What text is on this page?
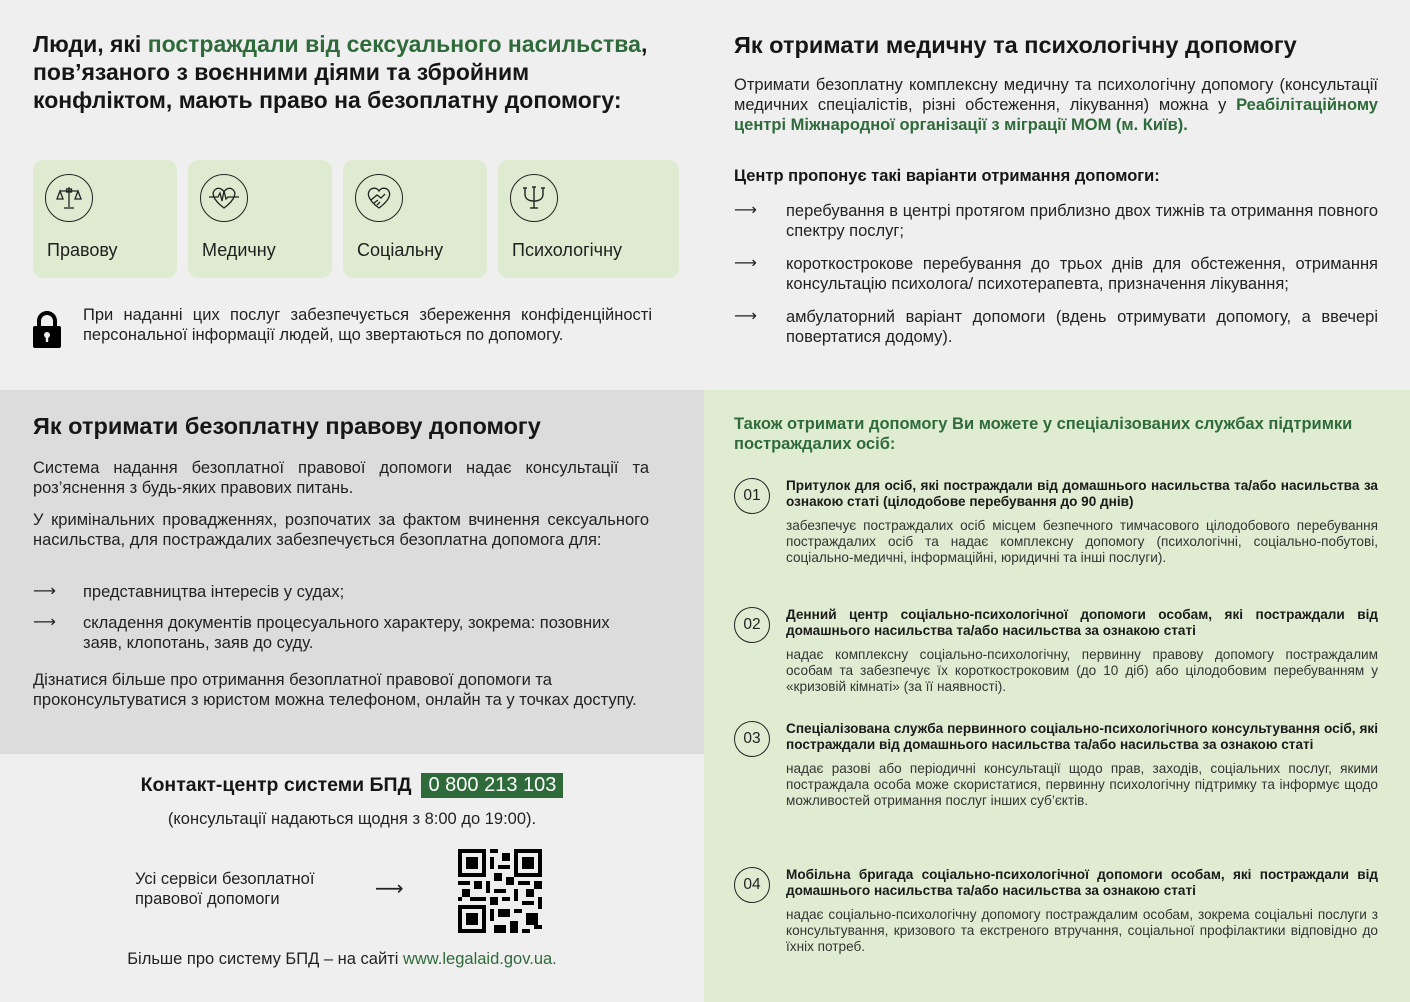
Люди, які постраждали від сексуального насильства, пов’язаного з воєнними діями та збройним конфліктом, мають право на безоплатну допомогу:
Правову	Медичну	Соціальну	Психологічну
При наданні цих послуг забезпечується збереження конфіденційності персональної інформації людей, що звертаються по допомогу.
Як отримати медичну та психологічну допомогу
Отримати безоплатну комплексну медичну та психологічну допомогу (консультації медичних спеціалістів, різні обстеження, лікування) можна у Реабілітаційному центрі Міжнародної організації з міграції МОМ (м. Київ).
Центр пропонує такі варіанти отримання допомоги:
⟶ перебування в центрі протягом приблизно двох тижнів та отримання повного спектру послуг;
⟶ короткострокове перебування до трьох днів для обстеження, отримання консультацію психолога/ психотерапевта, призначення лікування;
⟶ амбулаторний варіант допомоги (вдень отримувати допомогу, а ввечері повертатися додому).
Як отримати безоплатну правову допомогу
Система надання безоплатної правової допомоги надає консультації та роз’яснення з будь-яких правових питань.
У кримінальних провадженнях, розпочатих за фактом вчинення сексуального насильства, для постраждалих забезпечується безоплатна допомога для:
⟶ представництва інтересів у судах;
⟶ складення документів процесуального характеру, зокрема: позовних заяв, клопотань, заяв до суду.
Дізнатися більше про отримання безоплатної правової допомоги та проконсультуватися з юристом можна телефоном, онлайн та у точках доступу.
Контакт-центр системи БПД 0 800 213 103
(консультації надаються щодня з 8:00 до 19:00).
Усі сервіси безоплатної
правової допомоги	⟶
Більше про систему БПД – на сайті www.legalaid.gov.ua.
Також отримати допомогу Ви можете у спеціалізованих службах підтримки постраждалих осіб:
01
Притулок для осіб, які постраждали від домашнього насильства та/або насильства за ознакою статі (цілодобове перебування до 90 днів)
забезпечує постраждалих осіб місцем безпечного тимчасового цілодобового перебування постраждалих осіб та надає комплексну допомогу (психологічні, соціально-побутові, соціально-медичні, інформаційні, юридичні та інші послуги).
02
Денний центр соціально-психологічної допомоги особам, які постраждали від домашнього насильства та/або насильства за ознакою статі
надає комплексну соціально-психологічну, первинну правову допомогу постраждалим особам та забезпечує їх короткостроковим (до 10 діб) або цілодобовим перебуванням у «кризовій кімнаті» (за її наявності).
03
Спеціалізована служба первинного соціально-психологічного консультування осіб, які постраждали від домашнього насильства та/або насильства за ознакою статі
надає разові або періодичні консультації щодо прав, заходів, соціальних послуг, якими постраждала особа може скористатися, первинну психологічну підтримку та інформує щодо можливостей отримання послуг інших суб’єктів.
04
Мобільна бригада соціально-психологічної допомоги особам, які постраждали від домашнього насильства та/або насильства за ознакою статі
надає соціально-психологічну допомогу постраждалим особам, зокрема соціальні послуги з консультування, кризового та екстреного втручання, соціальної профілактики відповідно до їхніх потреб.
